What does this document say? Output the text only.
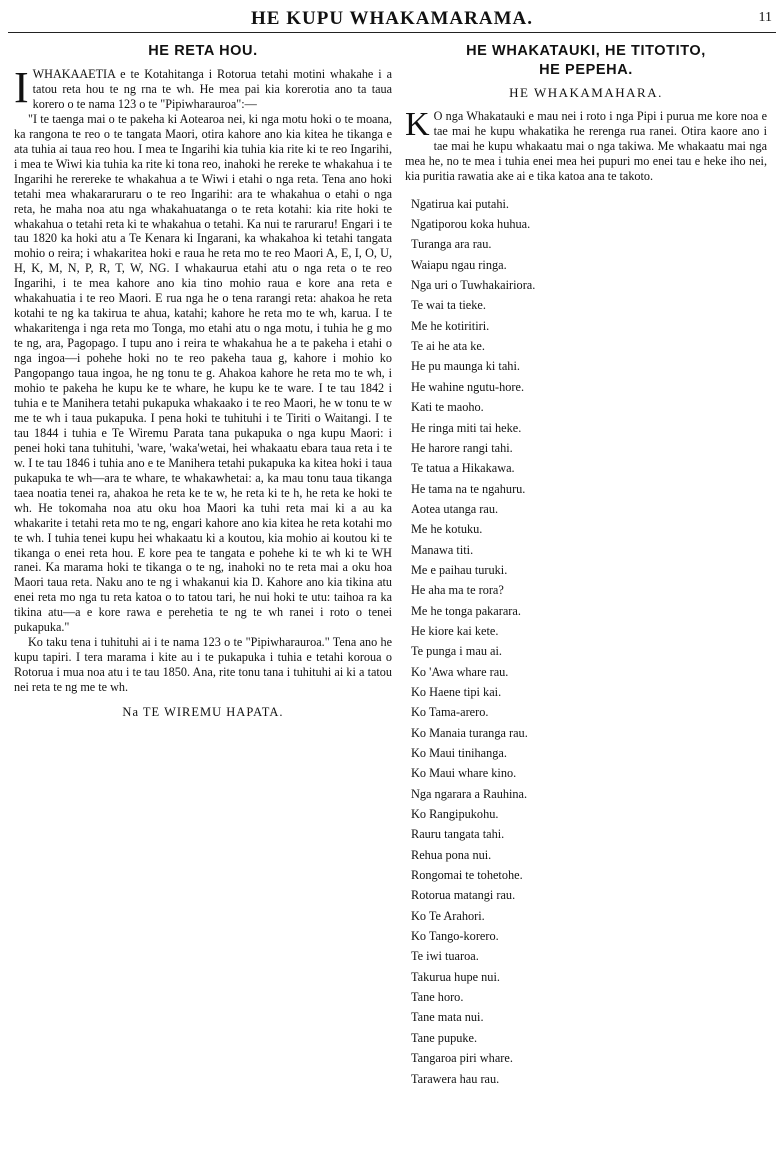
HE KUPU WHAKAMARAMA.	11
HE RETA HOU.

IWHAKAAETIA e te Kotahitanga i Rotorua tetahi motini whakahe i a tatou reta hou te ng rna te wh. He mea pai kia korerotia ano ta taua korero o te nama 123 o te "Pipiwharauroa":—

"I te taenga mai o te pakeha ki Aotearoa nei, ki nga motu hoki o te moana, ka rangona te reo o te tangata Maori, otira kahore ano kia kitea he tikanga e ata tuhia ai taua reo hou. I mea te Ingarihi kia tuhia kia rite ki te reo Ingarihi, i mea te Wiwi kia tuhia ka rite ki tona reo, inahoki he rereke te whakahua i te Ingarihi he rerereke te whakahua a te Wiwi i etahi o nga reta. Tena ano hoki tetahi mea whakararuraru o te reo Ingarihi: ara te whakahua o etahi o nga reta, he maha noa atu nga whakahuatanga o te reta kotahi: kia rite hoki te whakahua o tetahi reta ki te whakahua o tetahi. Ka nui te raruraru! Engari i te tau 1820 ka hoki atu a Te Kenara ki Ingarani, ka whakahoa ki tetahi tangata mohio o reira; i whakaritea hoki e raua he reta mo te reo Maori A, E, I, O, U, H, K, M, N, P, R, T, W, NG. I whakaurua etahi atu o nga reta o te reo Ingarihi, i te mea kahore ano kia tino mohio raua e kore ana reta e whakahuatia i te reo Maori. E rua nga he o tena rarangi reta: ahakoa he reta kotahi te ng ka takirua te ahua, katahi; kahore he reta mo te wh, karua. I te whakaritenga i nga reta mo Tonga, mo etahi atu o nga motu, i tuhia he g mo te ng, ara, Pagopago. I tupu ano i reira te whakahua he a te pakeha i etahi o nga ingoa—i pohehe hoki no te reo pakeha taua g, kahore i mohio ko Pangopango taua ingoa, he ng tonu te g. Ahakoa kahore he reta mo te wh, i mohio te pakeha he kupu ke te whare, he kupu ke te ware. I te tau 1842 i tuhia e te Manihera tetahi pukapuka whakaako i te reo Maori, he w tonu te w me te wh i taua pukapuka. I pena hoki te tuhituhi i te Tiriti o Waitangi. I te tau 1844 i tuhia e Te Wiremu Parata tana pukapuka o nga kupu Maori: i penei hoki tana tuhituhi, 'ware, 'waka'wetai, hei whakaatu ebara taua reta i te w. I te tau 1846 i tuhia ano e te Manihera tetahi pukapuka ka kitea hoki i taua pukapuka te wh—ara te whare, te whakawhetai: a, ka mau tonu taua tikanga taea noatia tenei ra, ahakoa he reta ke te w, he reta ki te h, he reta ke hoki te wh. He tokomaha noa atu oku hoa Maori ka tuhi reta mai ki a au ka whakarite i tetahi reta mo te ng, engari kahore ano kia kitea he reta kotahi mo te wh. I tuhia tenei kupu hei whakaatu ki a koutou, kia mohio ai koutou ki te tikanga o enei reta hou. E kore pea te tangata e pohehe ki te wh ki te WH ranei. Ka marama hoki te tikanga o te ng, inahoki no te reta mai a oku hoa Maori taua reta. Naku ano te ng i whakanui kia Ŋ. Kahore ano kia tikina atu enei reta mo nga tu reta katoa o to tatou tari, he nui hoki te utu: taihoa ra ka tikina atu—a e kore rawa e perehetia te ng te wh ranei i roto o tenei pukapuka."

Ko taku tena i tuhituhi ai i te nama 123 o te "Pipiwharauroa." Tena ano he kupu tapiri. I tera marama i kite au i te pukapuka i tuhia e tetahi koroua o Rotorua i mua noa atu i te tau 1850. Ana, rite tonu tana i tuhituhi ai ki a tatou nei reta te ng me te wh.

Na TE WIREMU HAPATA.

HE WHAKATAUKI, HE TITOTITO,
HE PEPEHA.
HE WHAKAMAHARA.

K O nga Whakatauki e mau nei i roto i nga Pipi i purua me kore noa e tae mai he kupu whakatika he rerenga rua ranei. Otira kaore ano i tae mai he kupu whakaatu mai o nga takiwa. Me whakaatu mai nga mea he, no te mea i tuhia enei mea hei pupuri mo enei tau e heke iho nei, kia puritia rawatia ake ai e tika katoa ana te takoto.

Ngatirua kai putahi.
Ngatiporou koka huhua.
Turanga ara rau.
Waiapu ngau ringa.
Nga uri o Tuwhakairiora.
Te wai ta tieke.
Me he kotiritiri.
Te ai he ata ke.
He pu maunga ki tahi.
He wahine ngutu-hore.
Kati te maoho.
He ringa miti tai heke.
He harore rangi tahi.
Te tatua a Hikakawa.
He tama na te ngahuru.
Aotea utanga rau.
Me he kotuku.
Manawa titi.
Me e paihau turuki.
He aha ma te rora?
Me he tonga pakarara.
He kiore kai kete.
Te punga i mau ai.
Ko 'Awa whare rau.
Ko Haene tipi kai.
Ko Tama-arero.
Ko Manaia turanga rau.
Ko Maui tinihanga.
Ko Maui whare kino.
Nga ngarara a Rauhina.
Ko Rangipukohu.
Rauru tangata tahi.
Rehua pona nui.
Rongomai te tohetohe.
Rotorua matangi rau.
Ko Te Arahori.
Ko Tango-korero.
Te iwi tuaroa.
Takurua hupe nui.
Tane horo.
Tane mata nui.
Tane pupuke.
Tangaroa piri whare.
Tarawera hau rau.
